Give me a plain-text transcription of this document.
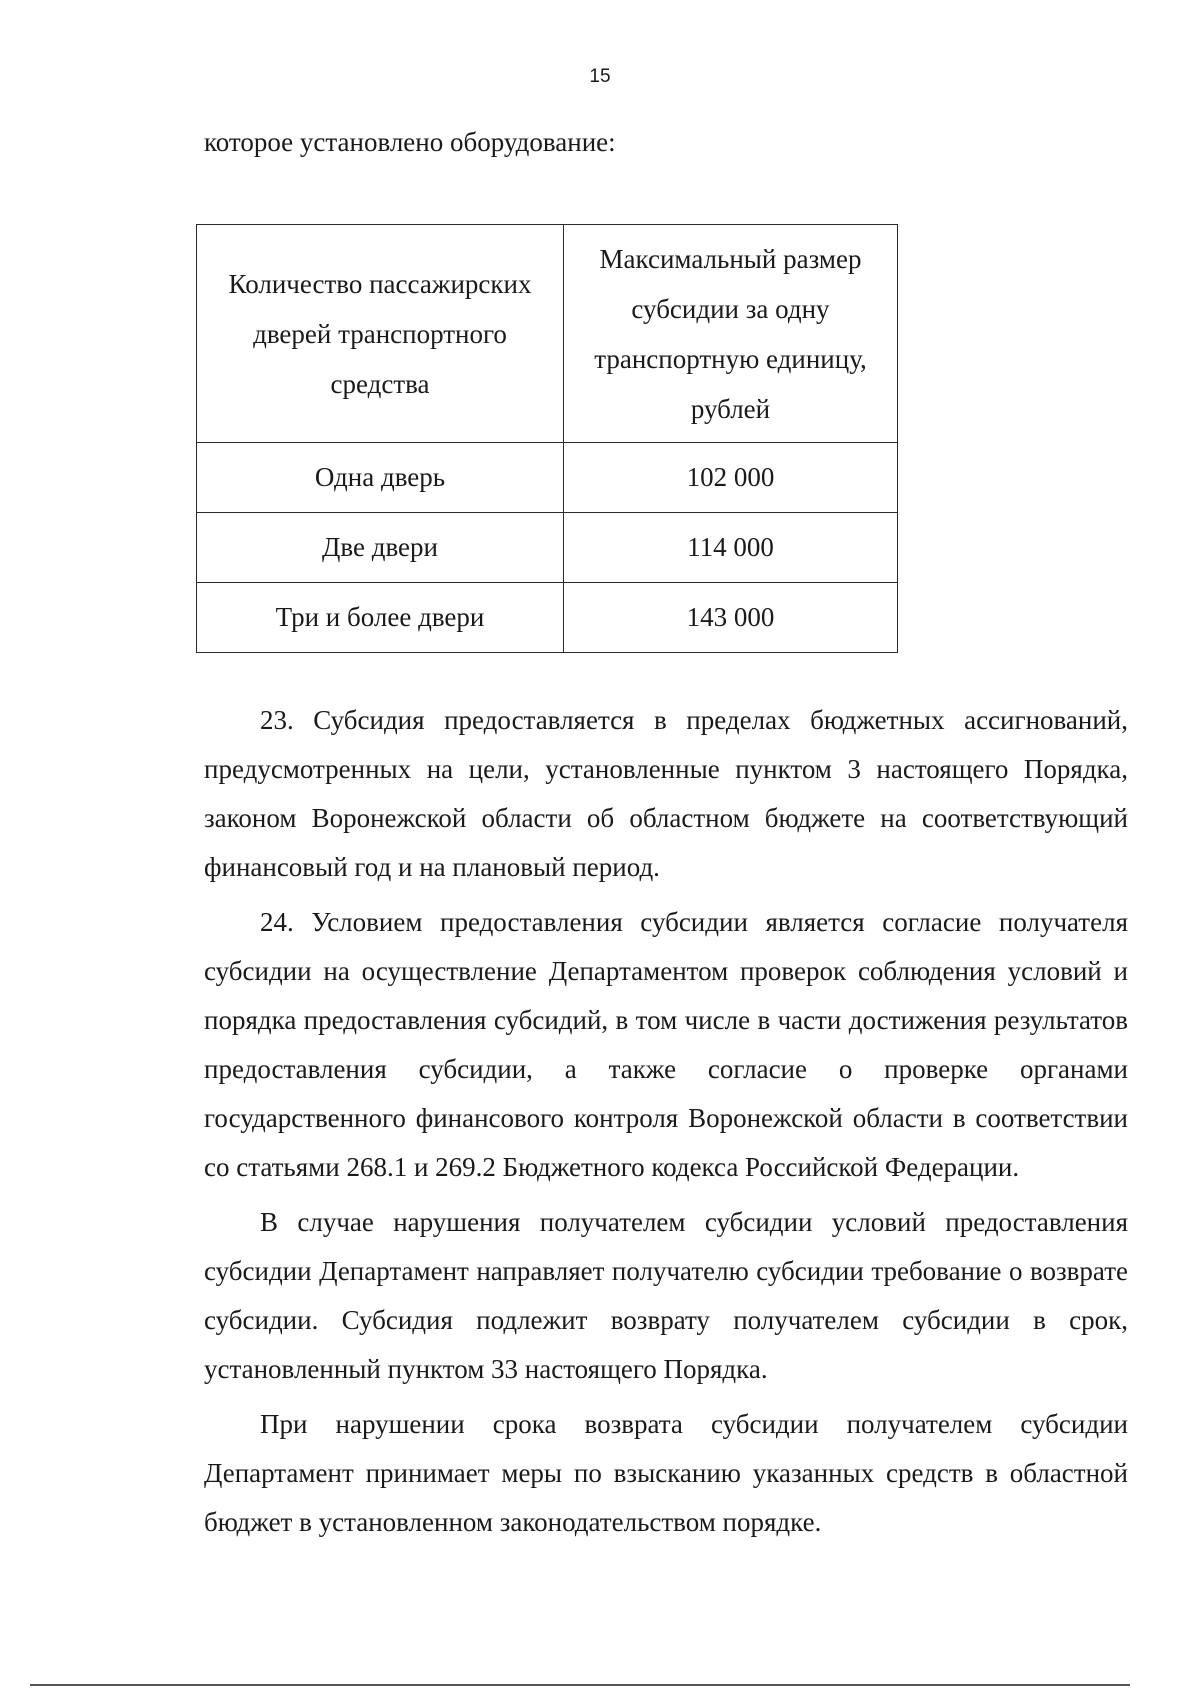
15
которое установлено оборудование:
Количество пассажирских дверей транспортного средства	Максимальный размер субсидии за одну транспортную единицу, рублей
Одна дверь	102 000
Две двери	114 000
Три и более двери	143 000

23. Субсидия предоставляется в пределах бюджетных ассигнований, предусмотренных на цели, установленные пунктом 3 настоящего Порядка, законом Воронежской области об областном бюджете на соответствующий финансовый год и на плановый период.

24. Условием предоставления субсидии является согласие получателя субсидии на осуществление Департаментом проверок соблюдения условий и порядка предоставления субсидий, в том числе в части достижения результатов предоставления субсидии, а также согласие о проверке органами государственного финансового контроля Воронежской области в соответствии со статьями 268.1 и 269.2 Бюджетного кодекса Российской Федерации.

В случае нарушения получателем субсидии условий предоставления субсидии Департамент направляет получателю субсидии требование о возврате субсидии. Субсидия подлежит возврату получателем субсидии в срок, установленный пунктом 33 настоящего Порядка.

При нарушении срока возврата субсидии получателем субсидии Департамент принимает меры по взысканию указанных средств в областной бюджет в установленном законодательством порядке.
